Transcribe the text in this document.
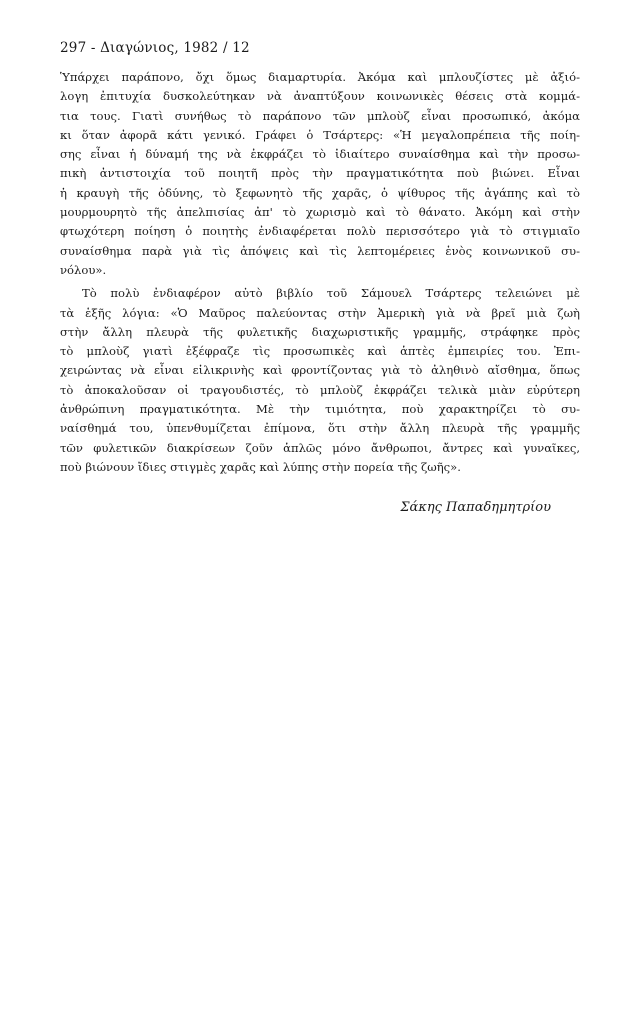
297 - Διαγώνιος, 1982 / 12
Ὑπάρχει παράπονο, ὄχι ὅμως διαμαρτυρία. Ἀκόμα καὶ μπλουζίστες μὲ ἀξιό-
λογη ἐπιτυχία δυσκολεύτηκαν νὰ ἀναπτύξουν κοινωνικὲς θέσεις στὰ κομμά-
τια τους. Γιατὶ συνήθως τὸ παράπονο τῶν μπλοὺζ εἶναι προσωπικό, ἀκόμα
κι ὅταν ἀφορᾶ κάτι γενικό. Γράφει ὁ Τσάρτερς: «Ἡ μεγαλοπρέπεια τῆς ποίη-
σης εἶναι ἡ δύναμή της νὰ ἐκφράζει τὸ ἰδιαίτερο συναίσθημα καὶ τὴν προσω-
πικὴ ἀντιστοιχία τοῦ ποιητῆ πρὸς τὴν πραγματικότητα ποὺ βιώνει. Εἶναι
ἡ κραυγὴ τῆς ὀδύνης, τὸ ξεφωνητὸ τῆς χαρᾶς, ὁ ψίθυρος τῆς ἀγάπης καὶ τὸ
μουρμουρητὸ τῆς ἀπελπισίας ἀπ' τὸ χωρισμὸ καὶ τὸ θάνατο. Ἀκόμη καὶ στὴν
φτωχότερη ποίηση ὁ ποιητὴς ἐνδιαφέρεται πολὺ περισσότερο γιὰ τὸ στιγμιαῖο
συναίσθημα παρὰ γιὰ τὶς ἀπόψεις καὶ τὶς λεπτομέρειες ἑνὸς κοινωνικοῦ συ-
νόλου».
Τὸ πολὺ ἐνδιαφέρον αὐτὸ βιβλίο τοῦ Σάμουελ Τσάρτερς τελειώνει μὲ
τὰ ἑξῆς λόγια: «Ὁ Μαῦρος παλεύοντας στὴν Ἀμερικὴ γιὰ νὰ βρεῖ μιὰ ζωὴ
στὴν ἄλλη πλευρὰ τῆς φυλετικῆς διαχωριστικῆς γραμμῆς, στράφηκε πρὸς
τὸ μπλοὺζ γιατὶ ἐξέφραζε τὶς προσωπικὲς καὶ ἁπτὲς ἐμπειρίες του. Ἐπι-
χειρώντας νὰ εἶναι εἰλικρινὴς καὶ φροντίζοντας γιὰ τὸ ἀληθινὸ αἴσθημα, ὅπως
τὸ ἀποκαλοῦσαν οἱ τραγουδιστές, τὸ μπλοὺζ ἐκφράζει τελικὰ μιὰν εὐρύτερη
ἀνθρώπινη πραγματικότητα. Μὲ τὴν τιμιότητα, ποὺ χαρακτηρίζει τὸ συ-
ναίσθημά του, ὑπενθυμίζεται ἐπίμονα, ὅτι στὴν ἄλλη πλευρὰ τῆς γραμμῆς
τῶν φυλετικῶν διακρίσεων ζοῦν ἁπλῶς μόνο ἄνθρωποι, ἄντρες καὶ γυναῖκες,
ποὺ βιώνουν ἴδιες στιγμὲς χαρᾶς καὶ λύπης στὴν πορεία τῆς ζωῆς».
Σάκης Παπαδημητρίου
